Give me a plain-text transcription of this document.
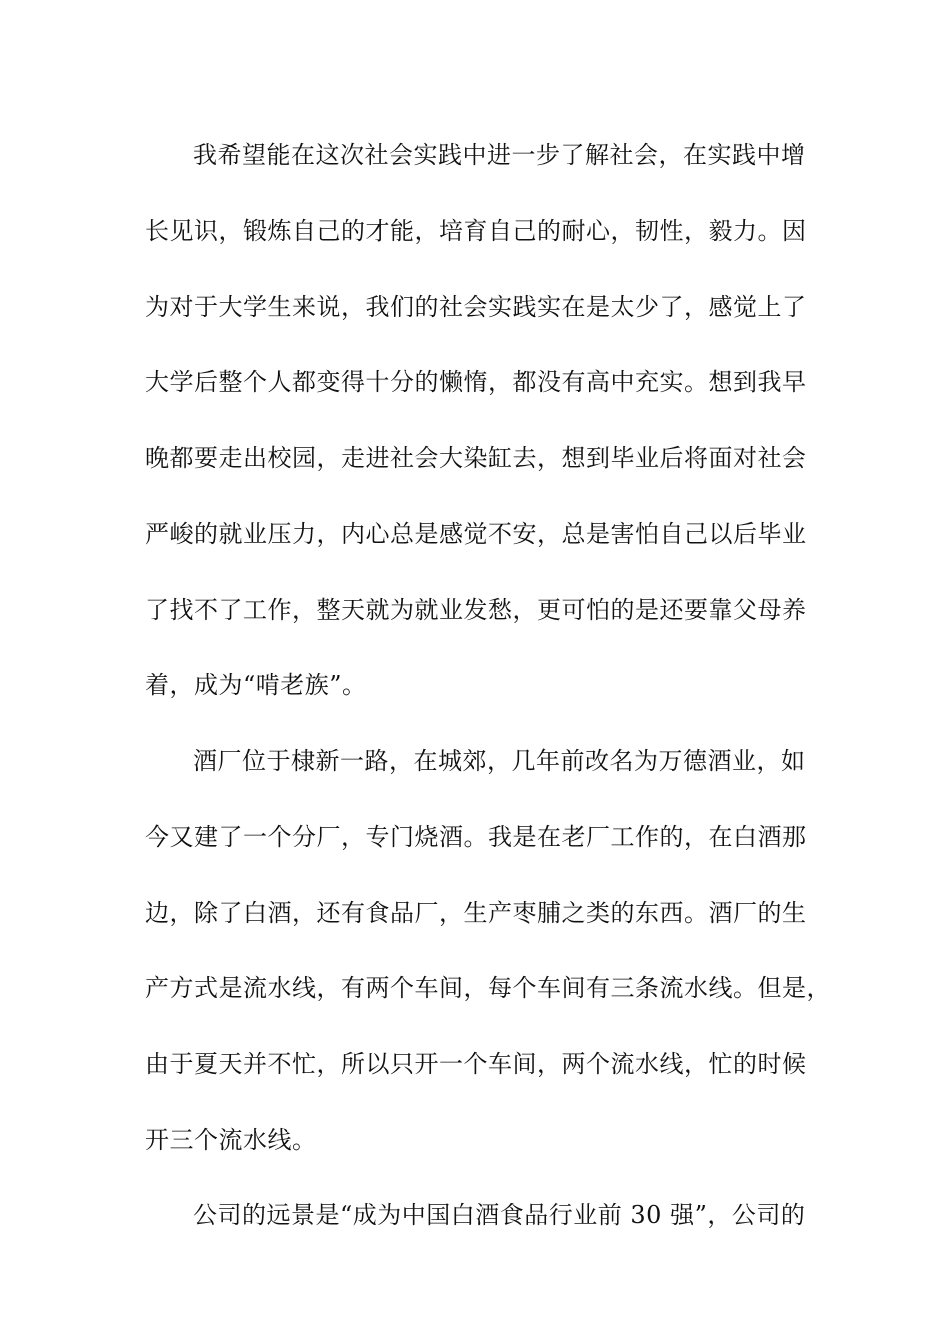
我希望能在这次社会实践中进一步了解社会，在实践中增
长见识，锻炼自己的才能，培育自己的耐心，韧性，毅力。因
为对于大学生来说，我们的社会实践实在是太少了，感觉上了
大学后整个人都变得十分的懒惰，都没有高中充实。想到我早
晚都要走出校园，走进社会大染缸去，想到毕业后将面对社会
严峻的就业压力，内心总是感觉不安，总是害怕自己以后毕业
了找不了工作，整天就为就业发愁，更可怕的是还要靠父母养
着，成为“啃老族”。
酒厂位于棣新一路，在城郊，几年前改名为万德酒业，如
今又建了一个分厂，专门烧酒。我是在老厂工作的，在白酒那
边，除了白酒，还有食品厂，生产枣脯之类的东西。酒厂的生
产方式是流水线，有两个车间，每个车间有三条流水线。但是，
由于夏天并不忙，所以只开一个车间，两个流水线，忙的时候
开三个流水线。
公司的远景是“成为中国白酒食品行业前 30 强”，公司的
